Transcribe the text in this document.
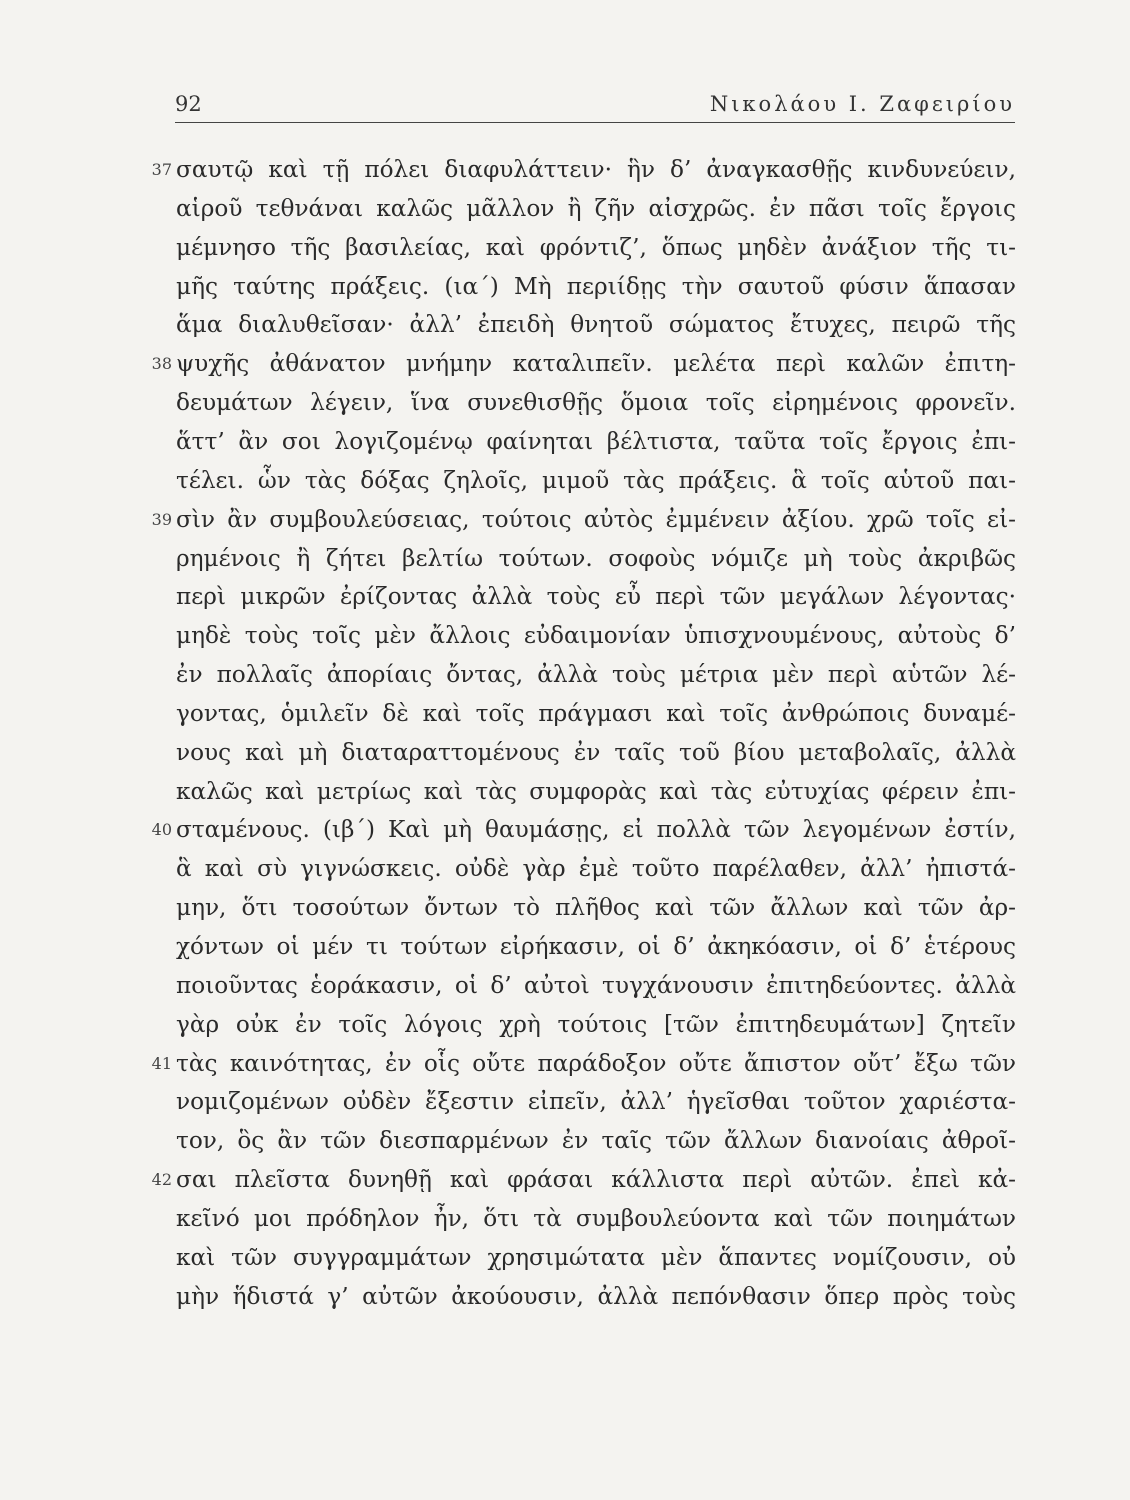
92	Νικολάου Ι. Ζαφειρίου
37 σαυτῷ καὶ τῇ πόλει διαφυλάττειν· ἣν δ’ ἀναγκασθῇς κινδυνεύειν,
αἱροῦ τεθνάναι καλῶς μᾶλλον ἢ ζῆν αἰσχρῶς. ἐν πᾶσι τοῖς ἔργοις
μέμνησο τῆς βασιλείας, καὶ φρόντιζ’, ὅπως μηδὲν ἀνάξιον τῆς τι-
μῆς ταύτης πράξεις. (ια΄) Μὴ περιίδῃς τὴν σαυτοῦ φύσιν ἅπασαν
ἅμα διαλυθεῖσαν· ἀλλ’ ἐπειδὴ θνητοῦ σώματος ἔτυχες, πειρῶ τῆς
38 ψυχῆς ἀθάνατον μνήμην καταλιπεῖν. μελέτα περὶ καλῶν ἐπιτη-
δευμάτων λέγειν, ἵνα συνεθισθῇς ὅμοια τοῖς εἰρημένοις φρονεῖν.
ἅττ’ ἂν σοι λογιζομένῳ φαίνηται βέλτιστα, ταῦτα τοῖς ἔργοις ἐπι-
τέλει. ὧν τὰς δόξας ζηλοῖς, μιμοῦ τὰς πράξεις. ἃ τοῖς αὑτοῦ παι-
39 σὶν ἂν συμβουλεύσειας, τούτοις αὐτὸς ἐμμένειν ἀξίου. χρῶ τοῖς εἰ-
ρημένοις ἢ ζήτει βελτίω τούτων. σοφοὺς νόμιζε μὴ τοὺς ἀκριβῶς
περὶ μικρῶν ἐρίζοντας ἀλλὰ τοὺς εὖ περὶ τῶν μεγάλων λέγοντας·
μηδὲ τοὺς τοῖς μὲν ἄλλοις εὐδαιμονίαν ὑπισχνουμένους, αὐτοὺς δ’
ἐν πολλαῖς ἀπορίαις ὄντας, ἀλλὰ τοὺς μέτρια μὲν περὶ αὑτῶν λέ-
γοντας, ὁμιλεῖν δὲ καὶ τοῖς πράγμασι καὶ τοῖς ἀνθρώποις δυναμέ-
νους καὶ μὴ διαταραττομένους ἐν ταῖς τοῦ βίου μεταβολαῖς, ἀλλὰ
καλῶς καὶ μετρίως καὶ τὰς συμφορὰς καὶ τὰς εὐτυχίας φέρειν ἐπι-
40 σταμένους. (ιβ΄) Καὶ μὴ θαυμάσῃς, εἰ πολλὰ τῶν λεγομένων ἐστίν,
ἃ καὶ σὺ γιγνώσκεις. οὐδὲ γὰρ ἐμὲ τοῦτο παρέλαθεν, ἀλλ’ ἠπιστά-
μην, ὅτι τοσούτων ὄντων τὸ πλῆθος καὶ τῶν ἄλλων καὶ τῶν ἀρ-
χόντων οἱ μέν τι τούτων εἰρήκασιν, οἱ δ’ ἀκηκόασιν, οἱ δ’ ἑτέρους
ποιοῦντας ἑοράκασιν, οἱ δ’ αὐτοὶ τυγχάνουσιν ἐπιτηδεύοντες. ἀλλὰ
γὰρ οὐκ ἐν τοῖς λόγοις χρὴ τούτοις [τῶν ἐπιτηδευμάτων] ζητεῖν
41 τὰς καινότητας, ἐν οἷς οὔτε παράδοξον οὔτε ἄπιστον οὔτ’ ἔξω τῶν
νομιζομένων οὐδὲν ἔξεστιν εἰπεῖν, ἀλλ’ ἡγεῖσθαι τοῦτον χαριέστα-
τον, ὃς ἂν τῶν διεσπαρμένων ἐν ταῖς τῶν ἄλλων διανοίαις ἀθροῖ-
42 σαι πλεῖστα δυνηθῇ καὶ φράσαι κάλλιστα περὶ αὐτῶν. ἐπεὶ κἀ-
κεῖνό μοι πρόδηλον ἦν, ὅτι τὰ συμβουλεύοντα καὶ τῶν ποιημάτων
καὶ τῶν συγγραμμάτων χρησιμώτατα μὲν ἅπαντες νομίζουσιν, οὐ
μὴν ἥδιστά γ’ αὐτῶν ἀκούουσιν, ἀλλὰ πεπόνθασιν ὅπερ πρὸς τοὺς
